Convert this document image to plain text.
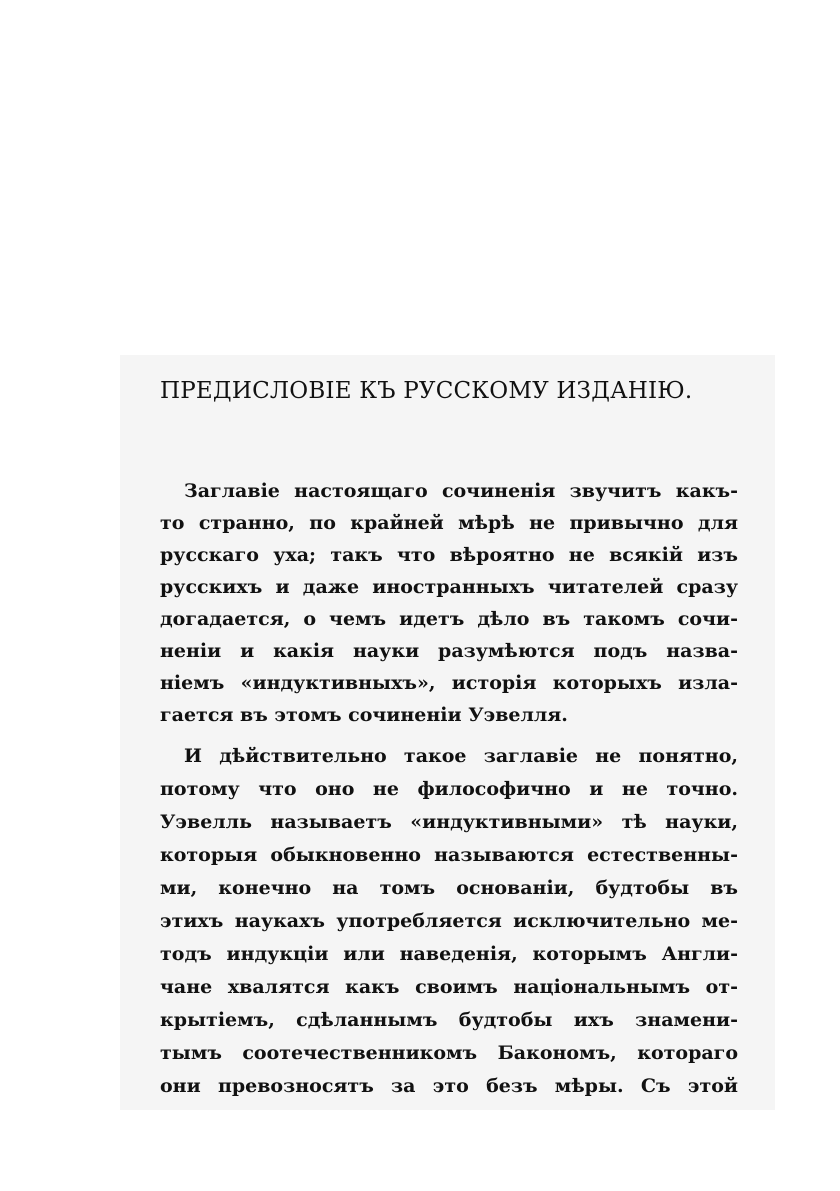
ПРЕДИСЛОВІЕ КЪ РУССКОМУ ИЗДАНІЮ.
Заглавіе настоящаго сочиненія звучитъ какъ-
то странно, по крайней мѣрѣ не привычно для
русскаго уха; такъ что вѣроятно не всякій изъ
русскихъ и даже иностранныхъ читателей сразу
догадается, о чемъ идетъ дѣло въ такомъ сочи-
неніи и какія науки разумѣются подъ назва-
ніемъ «индуктивныхъ», исторія которыхъ изла-
гается въ этомъ сочиненіи Уэвелля.
И дѣйствительно такое заглавіе не понятно,
потому что оно не философично и не точно.
Уэвелль называетъ «индуктивными» тѣ науки,
которыя обыкновенно называются естественны-
ми, конечно на томъ основаніи, будтобы въ
этихъ наукахъ употребляется исключительно ме-
тодъ индукціи или наведенія, которымъ Англи-
чане хвалятся какъ своимъ національнымъ от-
крытіемъ, сдѣланнымъ будтобы ихъ знамени-
тымъ соотечественникомъ Бакономъ, котораго
они превозносятъ за это безъ мѣры. Съ этой
